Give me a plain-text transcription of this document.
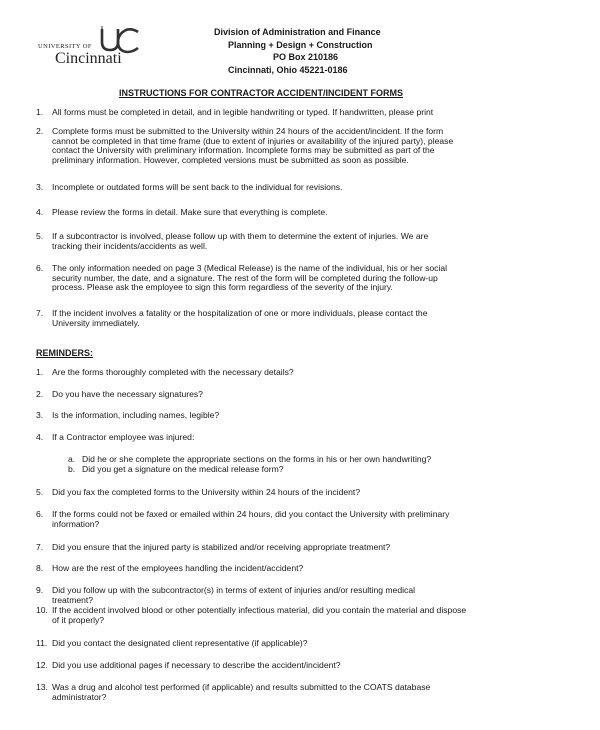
UNIVERSITY OF
Cincinnati
Division of Administration and Finance
Planning + Design + Construction
PO Box 210186
Cincinnati, Ohio 45221-0186
INSTRUCTIONS FOR CONTRACTOR ACCIDENT/INCIDENT FORMS
1.	All forms must be completed in detail, and in legible handwriting or typed. If handwritten, please print
2.	Complete forms must be submitted to the University within 24 hours of the accident/incident. If the form
cannot be completed in that time frame (due to extent of injuries or availability of the injured party), please
contact the University with preliminary information. Incomplete forms may be submitted as part of the
preliminary information. However, completed versions must be submitted as soon as possible.
3.	Incomplete or outdated forms will be sent back to the individual for revisions.
4.	Please review the forms in detail. Make sure that everything is complete.
5.	If a subcontractor is involved, please follow up with them to determine the extent of injuries. We are
tracking their incidents/accidents as well.
6.	The only information needed on page 3 (Medical Release) is the name of the individual, his or her social
security number, the date, and a signature. The rest of the form will be completed during the follow-up
process. Please ask the employee to sign this form regardless of the severity of the injury.
7.	If the incident involves a fatality or the hospitalization of one or more individuals, please contact the
University immediately.
REMINDERS:
1.	Are the forms thoroughly completed with the necessary details?
2.	Do you have the necessary signatures?
3.	Is the information, including names, legible?
4.	If a Contractor employee was injured:
a. Did he or she complete the appropriate sections on the forms in his or her own handwriting?
b. Did you get a signature on the medical release form?
5.	Did you fax the completed forms to the University within 24 hours of the incident?
6.	If the forms could not be faxed or emailed within 24 hours, did you contact the University with preliminary
information?
7.	Did you ensure that the injured party is stabilized and/or receiving appropriate treatment?
8.	How are the rest of the employees handling the incident/accident?
9.	Did you follow up with the subcontractor(s) in terms of extent of injuries and/or resulting medical
treatment?
10. If the accident involved blood or other potentially infectious material, did you contain the material and dispose
of it properly?
11. Did you contact the designated client representative (if applicable)?
12. Did you use additional pages if necessary to describe the accident/incident?
13. Was a drug and alcohol test performed (if applicable) and results submitted to the COATS database
administrator?
